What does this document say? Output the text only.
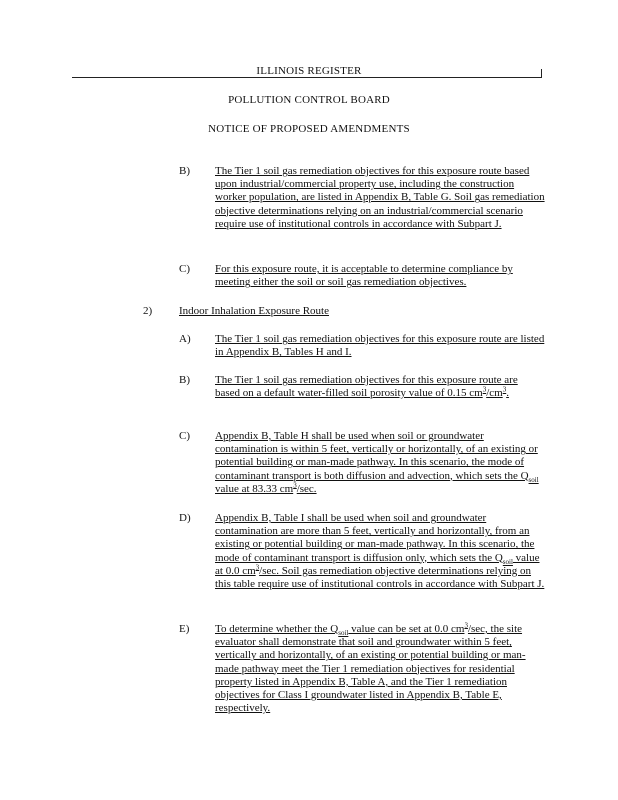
ILLINOIS REGISTER
POLLUTION CONTROL BOARD
NOTICE OF PROPOSED AMENDMENTS
B) The Tier 1 soil gas remediation objectives for this exposure route based upon industrial/commercial property use, including the construction worker population, are listed in Appendix B, Table G. Soil gas remediation objective determinations relying on an industrial/commercial scenario require use of institutional controls in accordance with Subpart J.
C) For this exposure route, it is acceptable to determine compliance by meeting either the soil or soil gas remediation objectives.
2) Indoor Inhalation Exposure Route
A) The Tier 1 soil gas remediation objectives for this exposure route are listed in Appendix B, Tables H and I.
B) The Tier 1 soil gas remediation objectives for this exposure route are based on a default water-filled soil porosity value of 0.15 $cm^3/cm^3$.
C) Appendix B, Table H shall be used when soil or groundwater contamination is within 5 feet, vertically or horizontally, of an existing or potential building or man-made pathway. In this scenario, the mode of contaminant transport is both diffusion and advection, which sets the $Q_{soil}$ value at 83.33 $cm^3/\sec$.
D) Appendix B, Table I shall be used when soil and groundwater contamination are more than 5 feet, vertically and horizontally, from an existing or potential building or man-made pathway. In this scenario, the mode of contaminant transport is diffusion only, which sets the $Q_{soil}$ value at 0.0 $cm^3/\sec$. Soil gas remediation objective determinations relying on this table require use of institutional controls in accordance with Subpart J.
E) To determine whether the $Q_{soil}$ value can be set at 0.0 $cm^3/\sec$, the site evaluator shall demonstrate that soil and groundwater within 5 feet, vertically and horizontally, of an existing or potential building or man-made pathway meet the Tier 1 remediation objectives for residential property listed in Appendix B, Table A, and the Tier 1 remediation objectives for Class I groundwater listed in Appendix B, Table E, respectively.
